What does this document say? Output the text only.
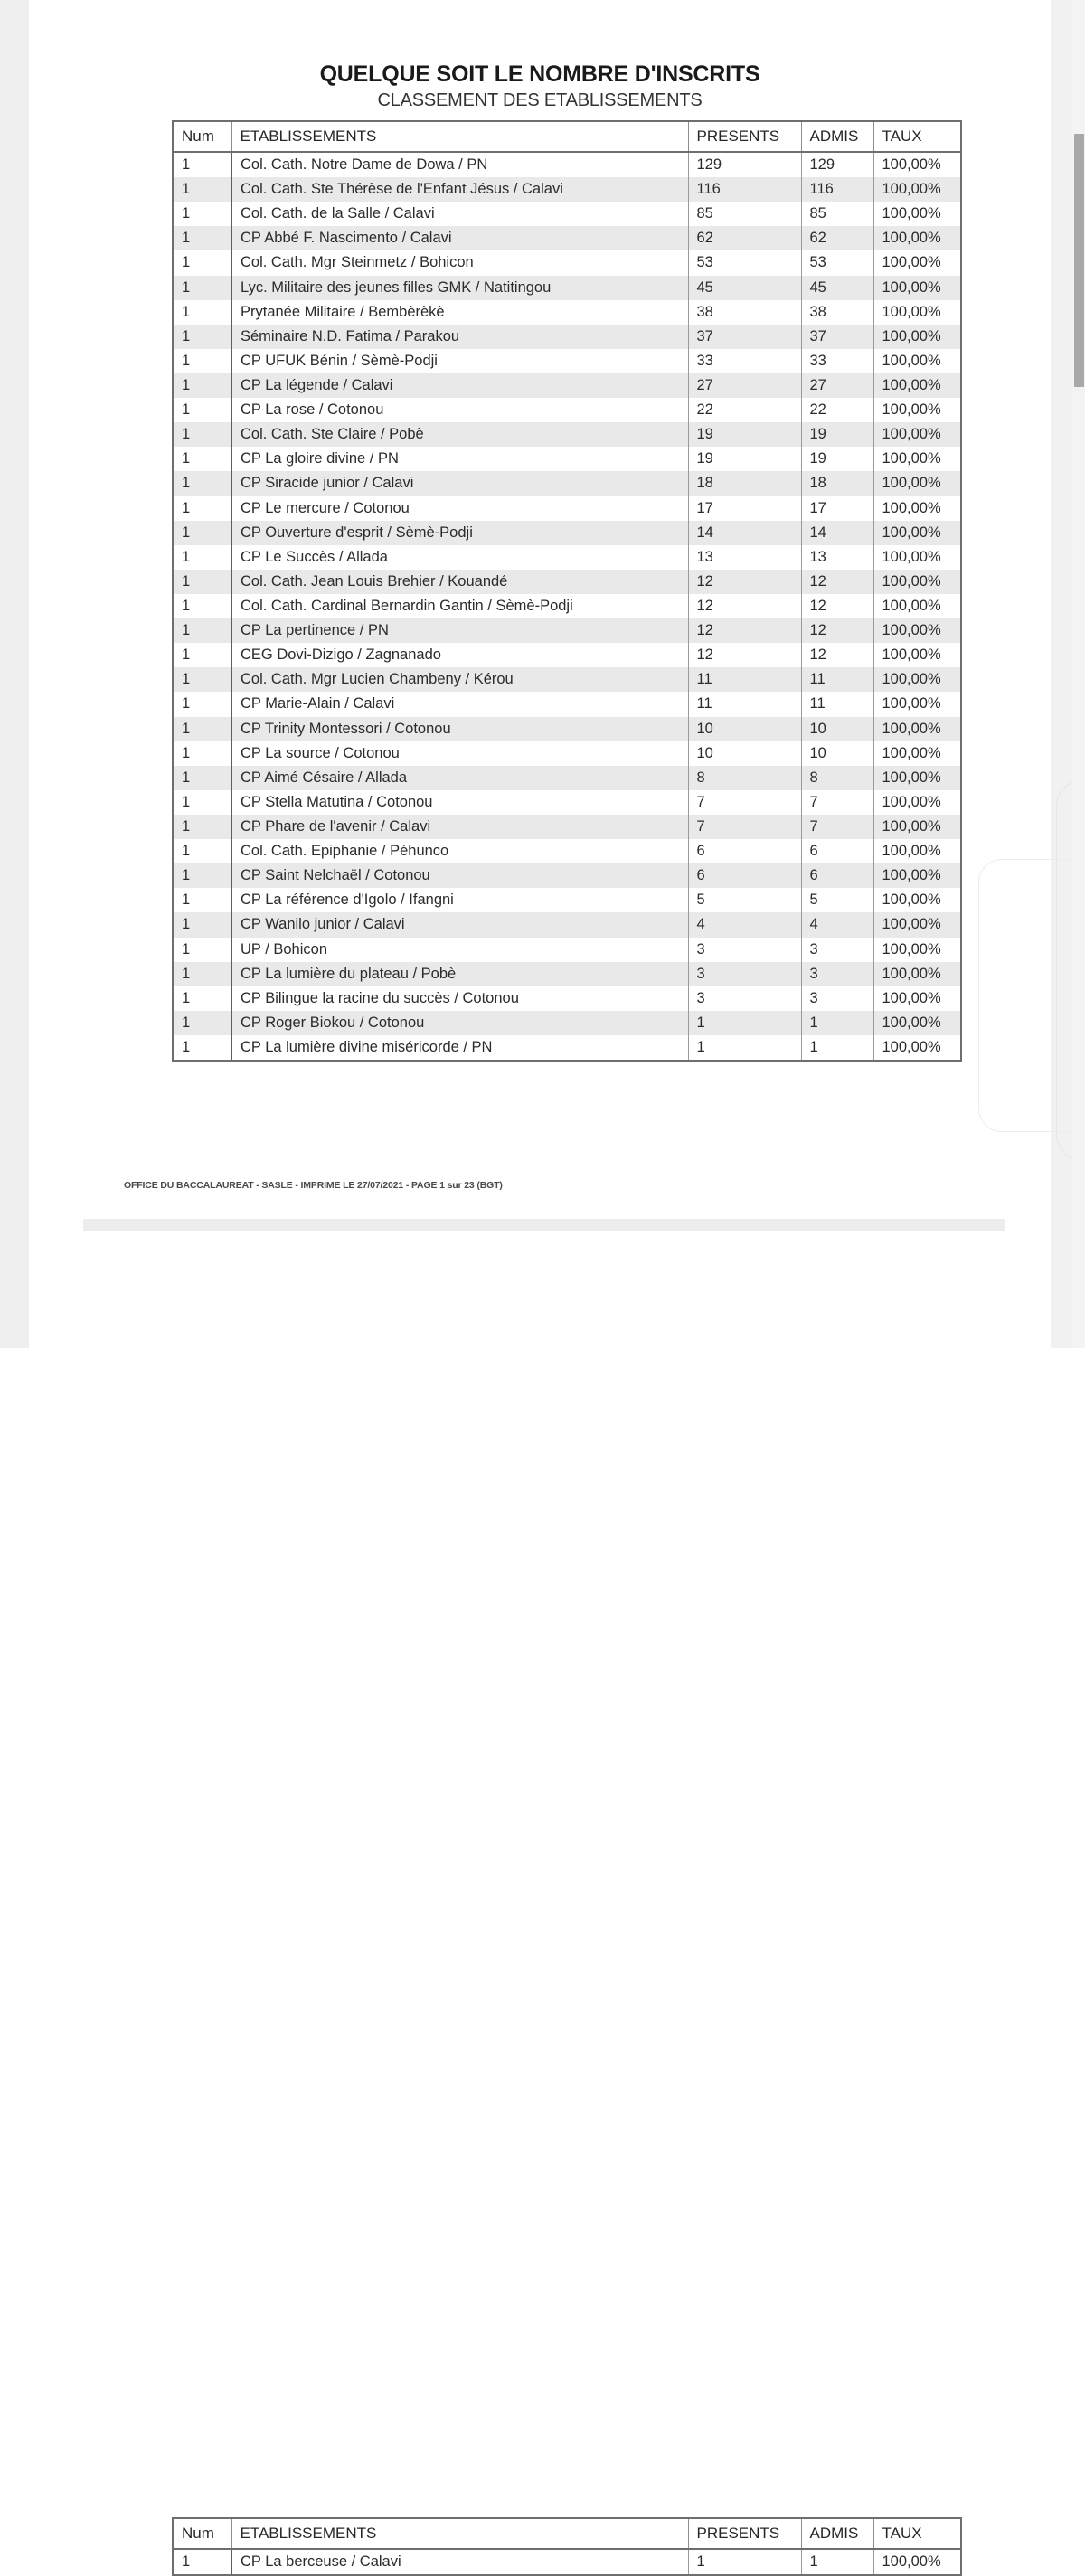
QUELQUE SOIT LE NOMBRE D'INSCRITS
CLASSEMENT DES ETABLISSEMENTS
Num	ETABLISSEMENTS	PRESENTS	ADMIS	TAUX
1	Col. Cath. Notre Dame de Dowa / PN	129	129	100,00%
1	Col. Cath. Ste Thérèse de l'Enfant Jésus / Calavi	116	116	100,00%
1	Col. Cath. de la Salle / Calavi	85	85	100,00%
1	CP Abbé F. Nascimento / Calavi	62	62	100,00%
1	Col. Cath. Mgr Steinmetz / Bohicon	53	53	100,00%
1	Lyc. Militaire des jeunes filles GMK / Natitingou	45	45	100,00%
1	Prytanée Militaire / Bembèrèkè	38	38	100,00%
1	Séminaire N.D. Fatima / Parakou	37	37	100,00%
1	CP UFUK Bénin / Sèmè-Podji	33	33	100,00%
1	CP La légende / Calavi	27	27	100,00%
1	CP La rose / Cotonou	22	22	100,00%
1	Col. Cath. Ste Claire / Pobè	19	19	100,00%
1	CP La gloire divine / PN	19	19	100,00%
1	CP Siracide junior / Calavi	18	18	100,00%
1	CP Le mercure / Cotonou	17	17	100,00%
1	CP Ouverture d'esprit / Sèmè-Podji	14	14	100,00%
1	CP Le Succès / Allada	13	13	100,00%
1	Col. Cath. Jean Louis Brehier / Kouandé	12	12	100,00%
1	Col. Cath. Cardinal Bernardin Gantin / Sèmè-Podji	12	12	100,00%
1	CP La pertinence / PN	12	12	100,00%
1	CEG Dovi-Dizigo / Zagnanado	12	12	100,00%
1	Col. Cath. Mgr Lucien Chambeny / Kérou	11	11	100,00%
1	CP Marie-Alain / Calavi	11	11	100,00%
1	CP Trinity Montessori / Cotonou	10	10	100,00%
1	CP La source / Cotonou	10	10	100,00%
1	CP Aimé Césaire / Allada	8	8	100,00%
1	CP Stella Matutina / Cotonou	7	7	100,00%
1	CP Phare de l'avenir / Calavi	7	7	100,00%
1	Col. Cath. Epiphanie / Péhunco	6	6	100,00%
1	CP Saint Nelchaël / Cotonou	6	6	100,00%
1	CP La référence d'Igolo / Ifangni	5	5	100,00%
1	CP Wanilo junior / Calavi	4	4	100,00%
1	UP / Bohicon	3	3	100,00%
1	CP La lumière du plateau / Pobè	3	3	100,00%
1	CP Bilingue la racine du succès / Cotonou	3	3	100,00%
1	CP Roger Biokou / Cotonou	1	1	100,00%
1	CP La lumière divine miséricorde / PN	1	1	100,00%
OFFICE DU BACCALAUREAT - SASLE - IMPRIME LE 27/07/2021 - PAGE 1 sur 23 (BGT)
Num	ETABLISSEMENTS	PRESENTS	ADMIS	TAUX
1	CP La berceuse / Calavi	1	1	100,00%
